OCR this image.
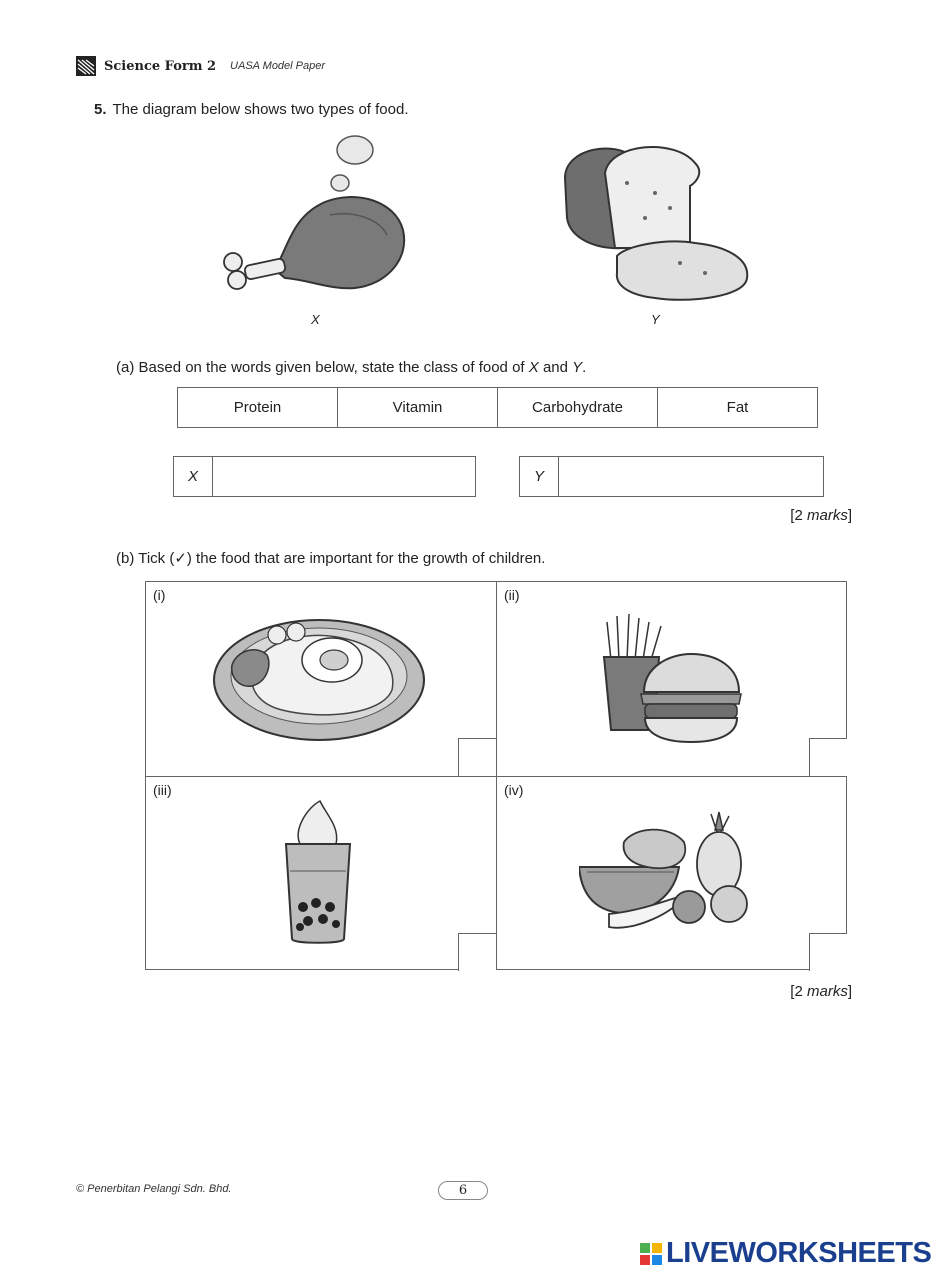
Science Form 2 UASA Model Paper
5. The diagram below shows two types of food.
X	Y
(a) Based on the words given below, state the class of food of X and Y.
Protein	Vitamin	Carbohydrate	Fat
X	Y
[2 marks]
(b) Tick (✓) the food that are important for the growth of children.
(i)	(ii)
(iii)	(iv)
[2 marks]
© Penerbitan Pelangi Sdn. Bhd.	6
LIVEWORKSHEETS
